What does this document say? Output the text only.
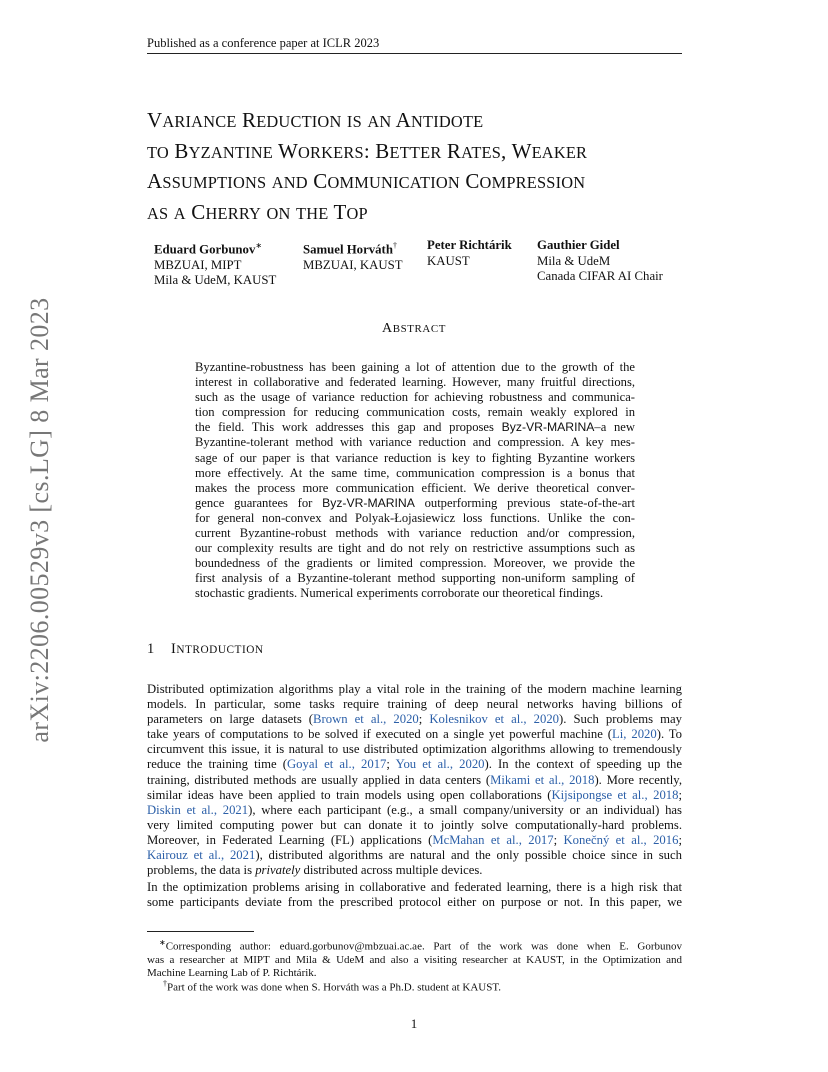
Published as a conference paper at ICLR 2023
arXiv:2206.00529v3 [cs.LG] 8 Mar 2023
VARIANCE REDUCTION IS AN ANTIDOTE
TO BYZANTINE WORKERS: BETTER RATES, WEAKER
ASSUMPTIONS AND COMMUNICATION COMPRESSION
AS A CHERRY ON THE TOP
Eduard Gorbunov∗
MBZUAI, MIPT
Mila & UdeM, KAUST
Samuel Horváth†
MBZUAI, KAUST
Peter Richtárik
KAUST
Gauthier Gidel
Mila & UdeM
Canada CIFAR AI Chair
ABSTRACT
Byzantine-robustness has been gaining a lot of attention due to the growth of the
interest in collaborative and federated learning. However, many fruitful directions,
such as the usage of variance reduction for achieving robustness and communica-
tion compression for reducing communication costs, remain weakly explored in
the field. This work addresses this gap and proposes Byz-VR-MARINA–a new
Byzantine-tolerant method with variance reduction and compression. A key mes-
sage of our paper is that variance reduction is key to fighting Byzantine workers
more effectively. At the same time, communication compression is a bonus that
makes the process more communication efficient. We derive theoretical conver-
gence guarantees for Byz-VR-MARINA outperforming previous state-of-the-art
for general non-convex and Polyak-Łojasiewicz loss functions. Unlike the con-
current Byzantine-robust methods with variance reduction and/or compression,
our complexity results are tight and do not rely on restrictive assumptions such as
boundedness of the gradients or limited compression. Moreover, we provide the
first analysis of a Byzantine-tolerant method supporting non-uniform sampling of
stochastic gradients. Numerical experiments corroborate our theoretical findings.
1 INTRODUCTION
Distributed optimization algorithms play a vital role in the training of the modern machine learning
models. In particular, some tasks require training of deep neural networks having billions of
parameters on large datasets (Brown et al., 2020; Kolesnikov et al., 2020). Such problems may
take years of computations to be solved if executed on a single yet powerful machine (Li, 2020). To
circumvent this issue, it is natural to use distributed optimization algorithms allowing to tremendously
reduce the training time (Goyal et al., 2017; You et al., 2020). In the context of speeding up the
training, distributed methods are usually applied in data centers (Mikami et al., 2018). More recently,
similar ideas have been applied to train models using open collaborations (Kijsipongse et al., 2018;
Diskin et al., 2021), where each participant (e.g., a small company/university or an individual) has
very limited computing power but can donate it to jointly solve computationally-hard problems.
Moreover, in Federated Learning (FL) applications (McMahan et al., 2017; Konečný et al., 2016;
Kairouz et al., 2021), distributed algorithms are natural and the only possible choice since in such
problems, the data is privately distributed across multiple devices.
In the optimization problems arising in collaborative and federated learning, there is a high risk that
some participants deviate from the prescribed protocol either on purpose or not. In this paper, we
∗Corresponding author: eduard.gorbunov@mbzuai.ac.ae. Part of the work was done when E. Gorbunov
was a researcher at MIPT and Mila & UdeM and also a visiting researcher at KAUST, in the Optimization and
Machine Learning Lab of P. Richtárik.
†Part of the work was done when S. Horváth was a Ph.D. student at KAUST.
1
